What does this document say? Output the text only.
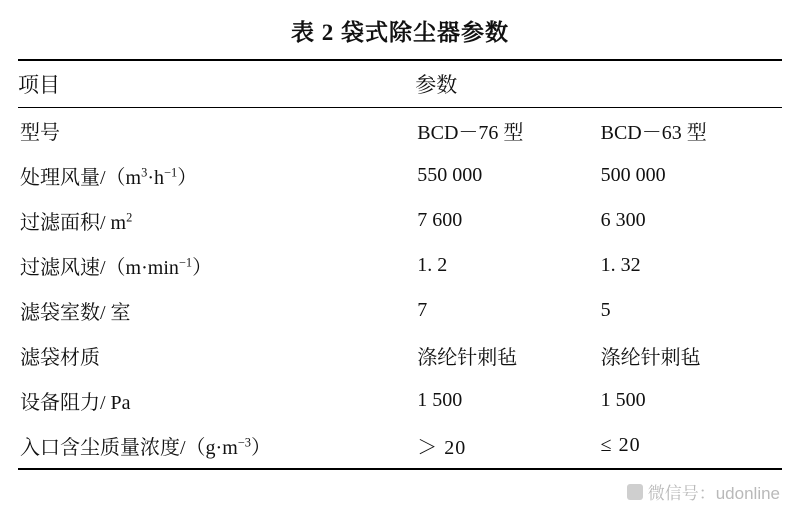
表 2 袋式除尘器参数
项目	参数
型号	BCD－76 型	BCD－63 型
处理风量$/(m^3\cdot h^{-1})$	550 000	500 000
过滤面积/ $m^2$	7 600	6 300
过滤风速$/(m\cdot\min^{-1})$	1. 2	1. 32
滤袋室数/ 室	7	5
滤袋材质	涤纶针刺毡	涤纶针刺毡
设备阻力/ Pa	1 500	1 500
入口含尘质量浓度$/(g\cdot m^{-3})$	＞ 20	≤ 20
微信号：udonline
